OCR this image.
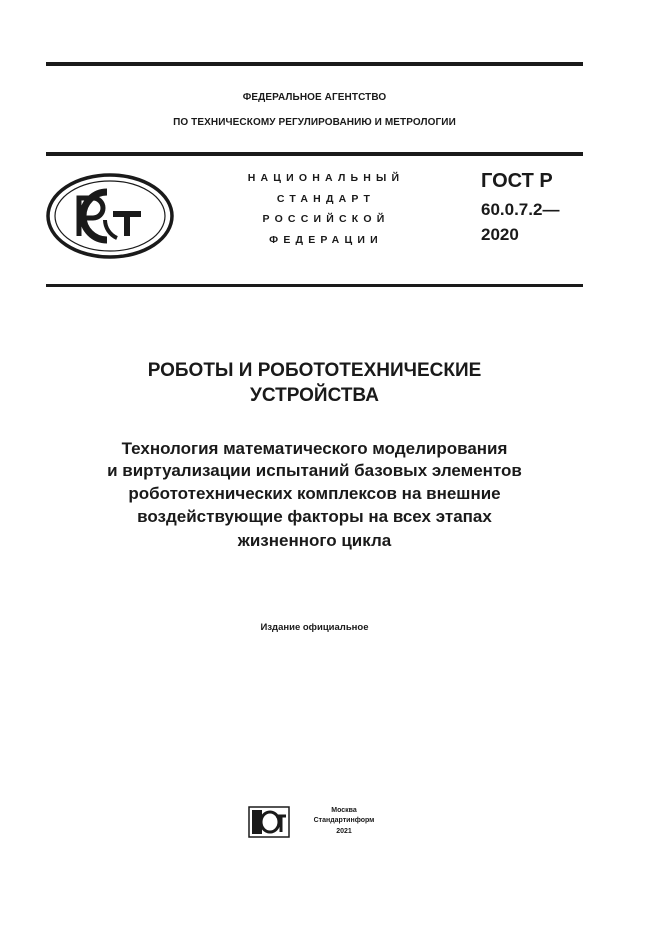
ФЕДЕРАЛЬНОЕ АГЕНТСТВО
ПО ТЕХНИЧЕСКОМУ РЕГУЛИРОВАНИЮ И МЕТРОЛОГИИ
НАЦИОНАЛЬНЫЙ
СТАНДАРТ
РОССИЙСКОЙ
ФЕДЕРАЦИИ
ГОСТ Р
60.0.7.2—
2020
РОБОТЫ И РОБОТОТЕХНИЧЕСКИЕ
УСТРОЙСТВА
Технология математического моделирования
и виртуализации испытаний базовых элементов
робототехнических комплексов на внешние
воздействующие факторы на всех этапах
жизненного цикла
Издание официальное
Москва
Стандартинформ
2021
